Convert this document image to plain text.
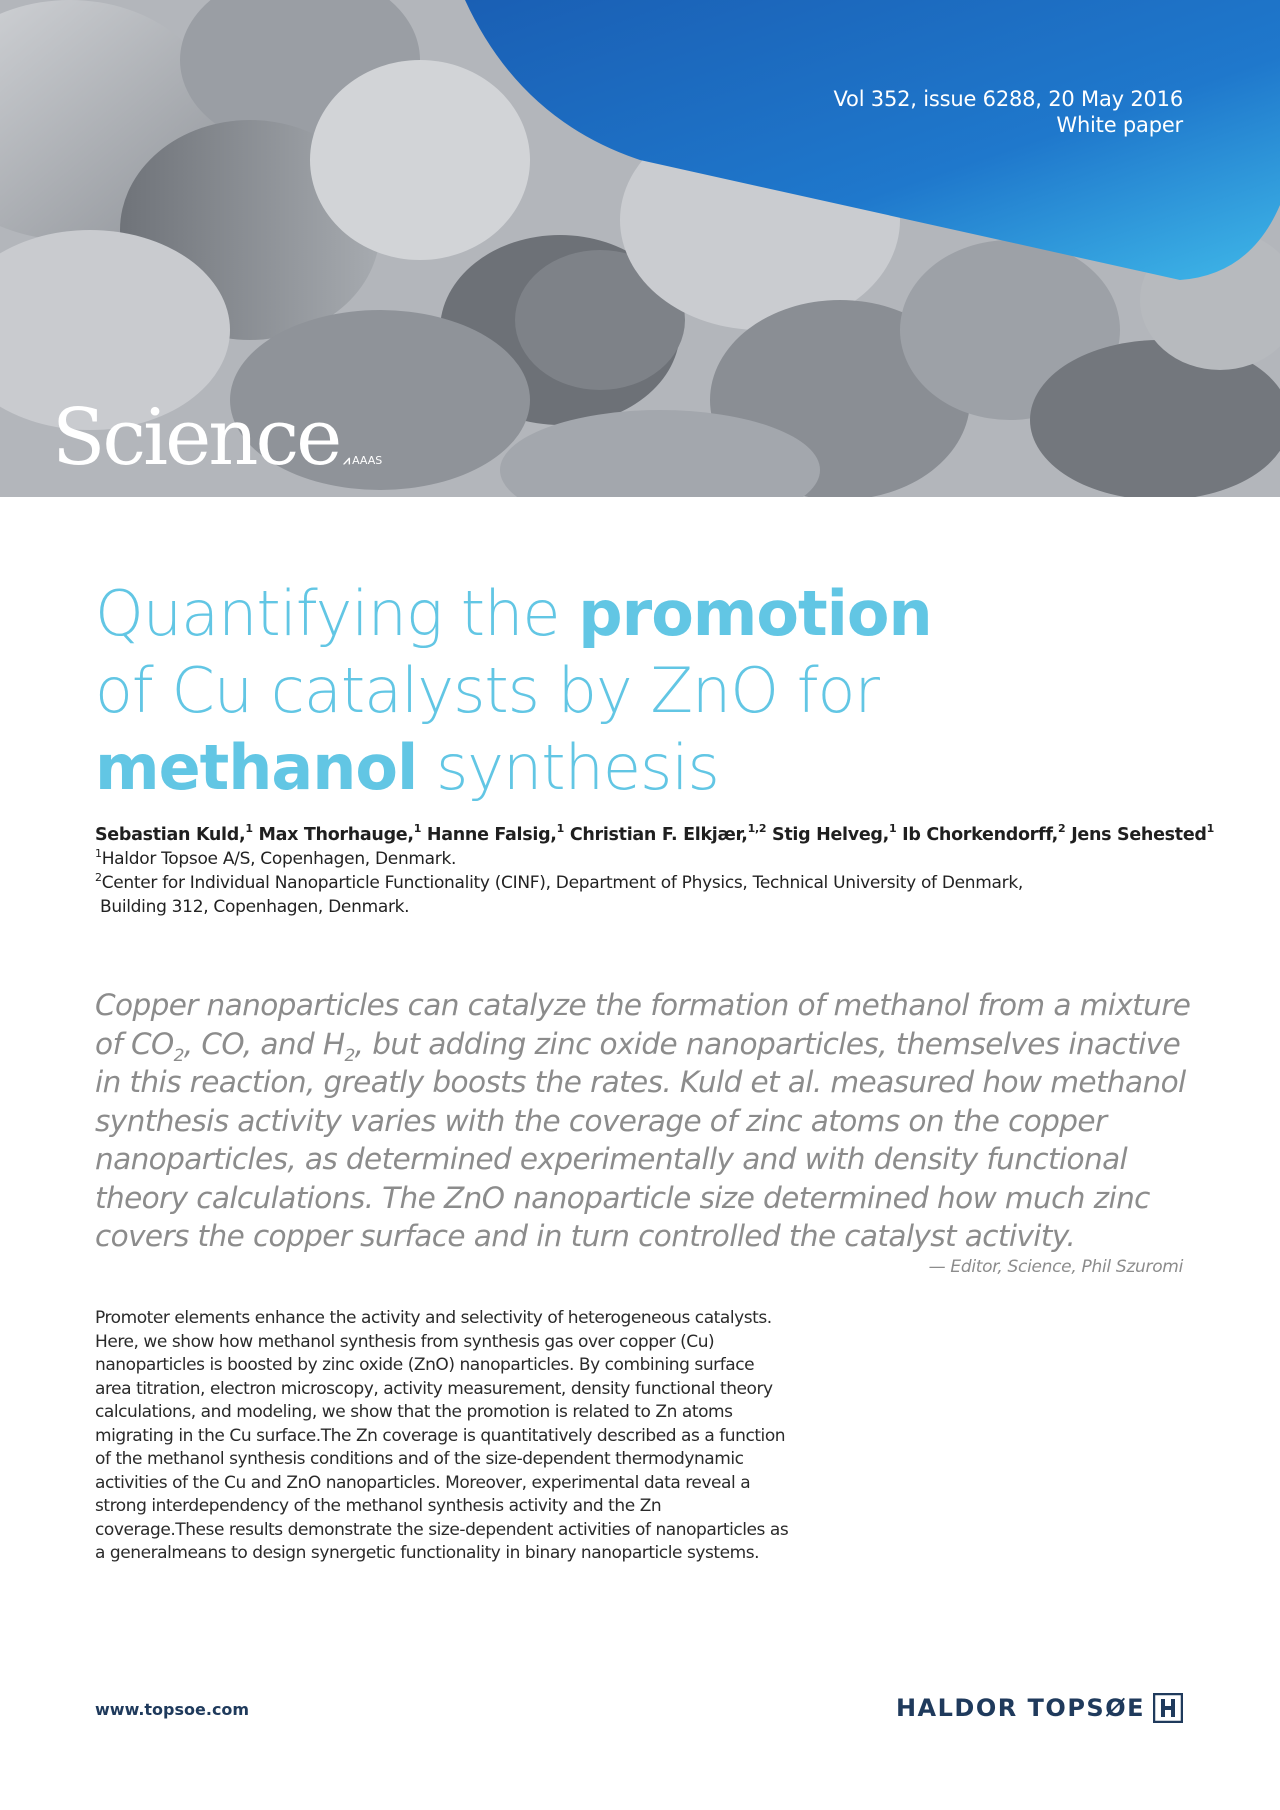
Vol 352, issue 6288, 20 May 2016
White paper
Science ⩘ AAAS
Quantifying the promotion
of Cu catalysts by ZnO for
methanol synthesis
Sebastian Kuld,$^1$ Max Thorhauge,$^1$ Hanne Falsig,$^1$ Christian F. Elkjær,$^{1,2}$ Stig Helveg,$^1$ Ib Chorkendorff,$^2$ Jens Sehested$^1$
$^1$Haldor Topsoe A/S, Copenhagen, Denmark.
$^2$Center for Individual Nanoparticle Functionality (CINF), Department of Physics, Technical University of Denmark,
Building 312, Copenhagen, Denmark.
Copper nanoparticles can catalyze the formation of methanol from a mixture of $CO_2$, CO, and $H_2$, but adding zinc oxide nanoparticles, themselves inactive in this reaction, greatly boosts the rates. Kuld et al. measured how methanol synthesis activity varies with the coverage of zinc atoms on the copper nanoparticles, as determined experimentally and with density functional theory calculations. The ZnO nanoparticle size determined how much zinc covers the copper surface and in turn controlled the catalyst activity.
— Editor, Science, Phil Szuromi
Promoter elements enhance the activity and selectivity of heterogeneous catalysts. Here, we show how methanol synthesis from synthesis gas over copper (Cu) nanoparticles is boosted by zinc oxide (ZnO) nanoparticles. By combining surface area titration, electron microscopy, activity measurement, density functional theory calculations, and modeling, we show that the promotion is related to Zn atoms migrating in the Cu surface.The Zn coverage is quantitatively described as a function of the methanol synthesis conditions and of the size-dependent thermodynamic activities of the Cu and ZnO nanoparticles. Moreover, experimental data reveal a strong interdependency of the methanol synthesis activity and the Zn coverage.These results demonstrate the size-dependent activities of nanoparticles as a generalmeans to design synergetic functionality in binary nanoparticle systems.
www.topsoe.com	HALDOR TOPSØE
